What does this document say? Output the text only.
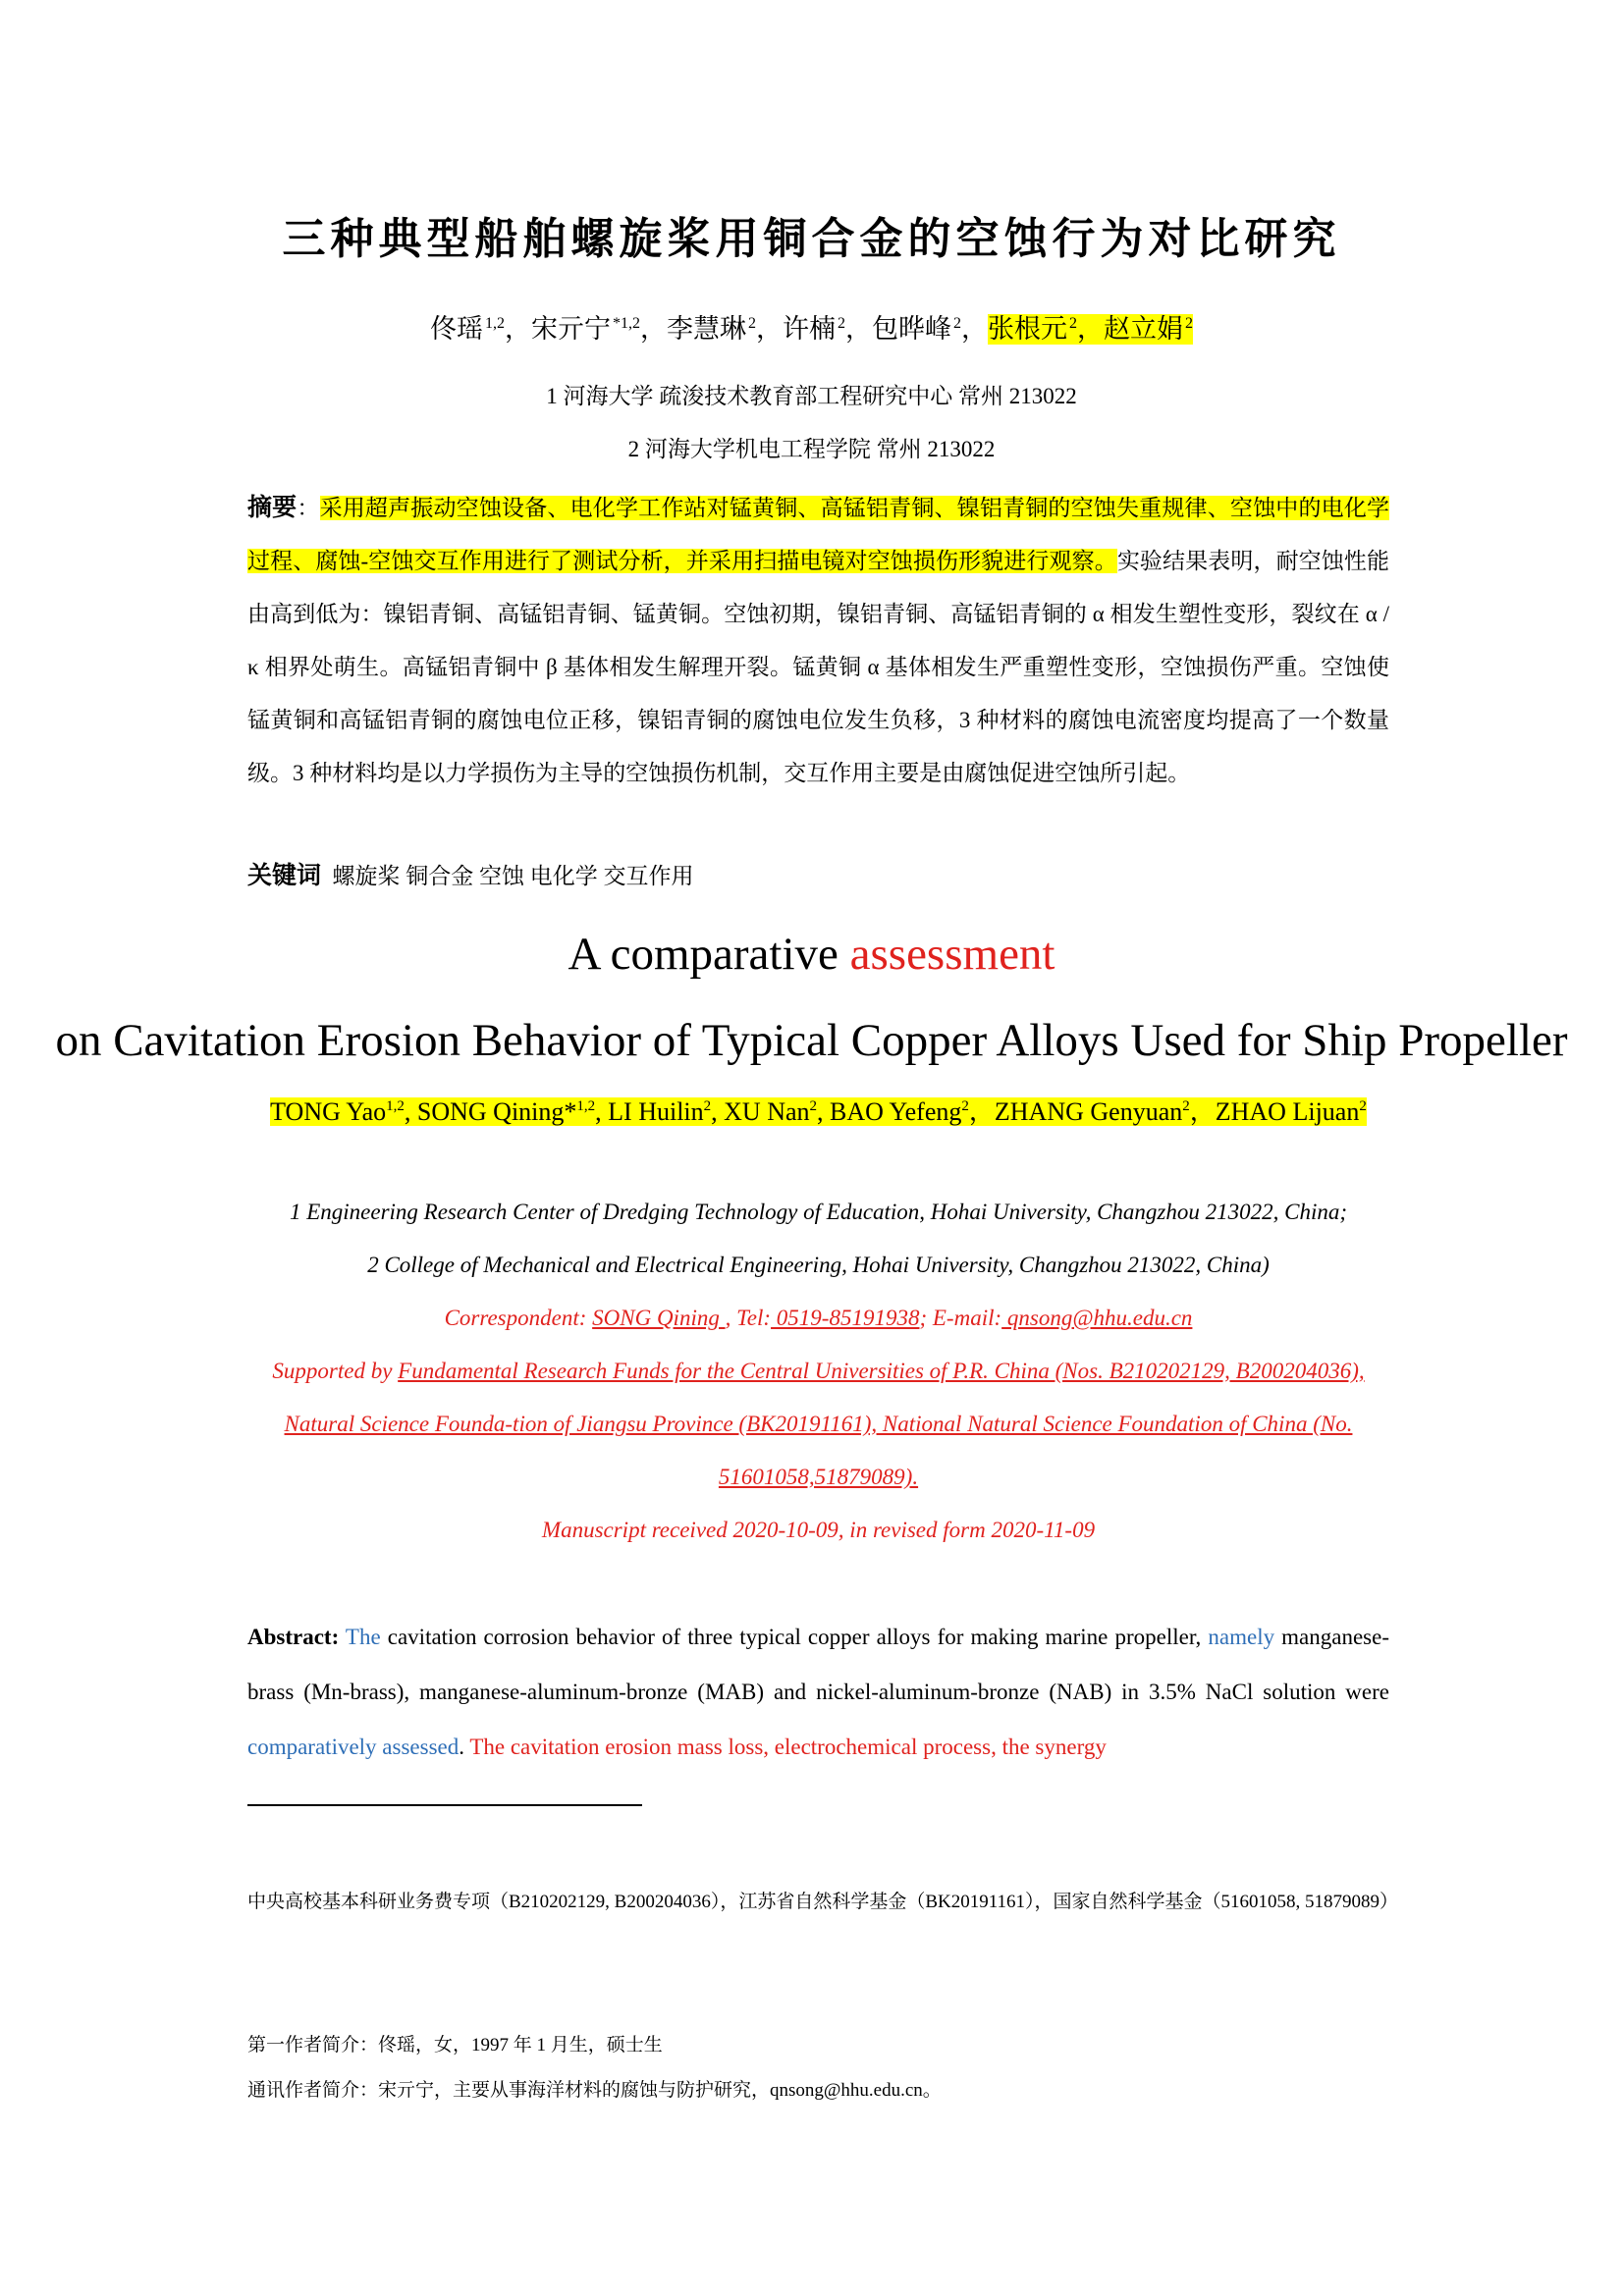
三种典型船舶螺旋桨用铜合金的空蚀行为对比研究
佟瑶 $^{1,2}$，宋亓宁 $^{*1,2}$，李慧琳 $^2$，许楠 $^2$，包晔峰 $^2$，张根元 $^2$，赵立娟 $^2$
1 河海大学 疏浚技术教育部工程研究中心 常州 213022
2 河海大学机电工程学院 常州 213022
摘要：采用超声振动空蚀设备、电化学工作站对锰黄铜、高锰铝青铜、镍铝青铜的空蚀失重规律、空蚀中的电化学过程、腐蚀-空蚀交互作用进行了测试分析，并采用扫描电镜对空蚀损伤形貌进行观察。实验结果表明，耐空蚀性能由高到低为：镍铝青铜、高锰铝青铜、锰黄铜。空蚀初期，镍铝青铜、高锰铝青铜的 α 相发生塑性变形，裂纹在 α / κ 相界处萌生。高锰铝青铜中 β 基体相发生解理开裂。锰黄铜 α 基体相发生严重塑性变形，空蚀损伤严重。空蚀使锰黄铜和高锰铝青铜的腐蚀电位正移，镍铝青铜的腐蚀电位发生负移，3 种材料的腐蚀电流密度均提高了一个数量级。3 种材料均是以力学损伤为主导的空蚀损伤机制，交互作用主要是由腐蚀促进空蚀所引起。
关键词 螺旋桨 铜合金 空蚀 电化学 交互作用
A comparative assessment
on Cavitation Erosion Behavior of Typical Copper Alloys Used for Ship Propeller
TONG Yao$^{1,2}$, SONG Qining*$^{1,2}$, LI Huilin$^2$, XU Nan$^2$, BAO Yefeng$^2$，ZHANG Genyuan$^2$，ZHAO Lijuan$^2$
1 Engineering Research Center of Dredging Technology of Education, Hohai University, Changzhou 213022, China;
2 College of Mechanical and Electrical Engineering, Hohai University, Changzhou 213022, China)
Correspondent: SONG Qining , Tel: 0519-85191938; E-mail: qnsong@hhu.edu.cn
Supported by Fundamental Research Funds for the Central Universities of P.R. China (Nos. B210202129, B200204036), Natural Science Founda-tion of Jiangsu Province (BK20191161), National Natural Science Foundation of China (No. 51601058,51879089).
Manuscript received 2020-10-09, in revised form 2020-11-09
Abstract: The cavitation corrosion behavior of three typical copper alloys for making marine propeller, namely manganese-brass (Mn-brass), manganese-aluminum-bronze (MAB) and nickel-aluminum-bronze (NAB) in 3.5% NaCl solution were comparatively assessed. The cavitation erosion mass loss, electrochemical process, the synergy
中央高校基本科研业务费专项（B210202129, B200204036），江苏省自然科学基金（BK20191161），国家自然科学基金（51601058, 51879089）
第一作者简介：佟瑶，女，1997 年 1 月生，硕士生
通讯作者简介：宋亓宁，主要从事海洋材料的腐蚀与防护研究，qnsong@hhu.edu.cn。
